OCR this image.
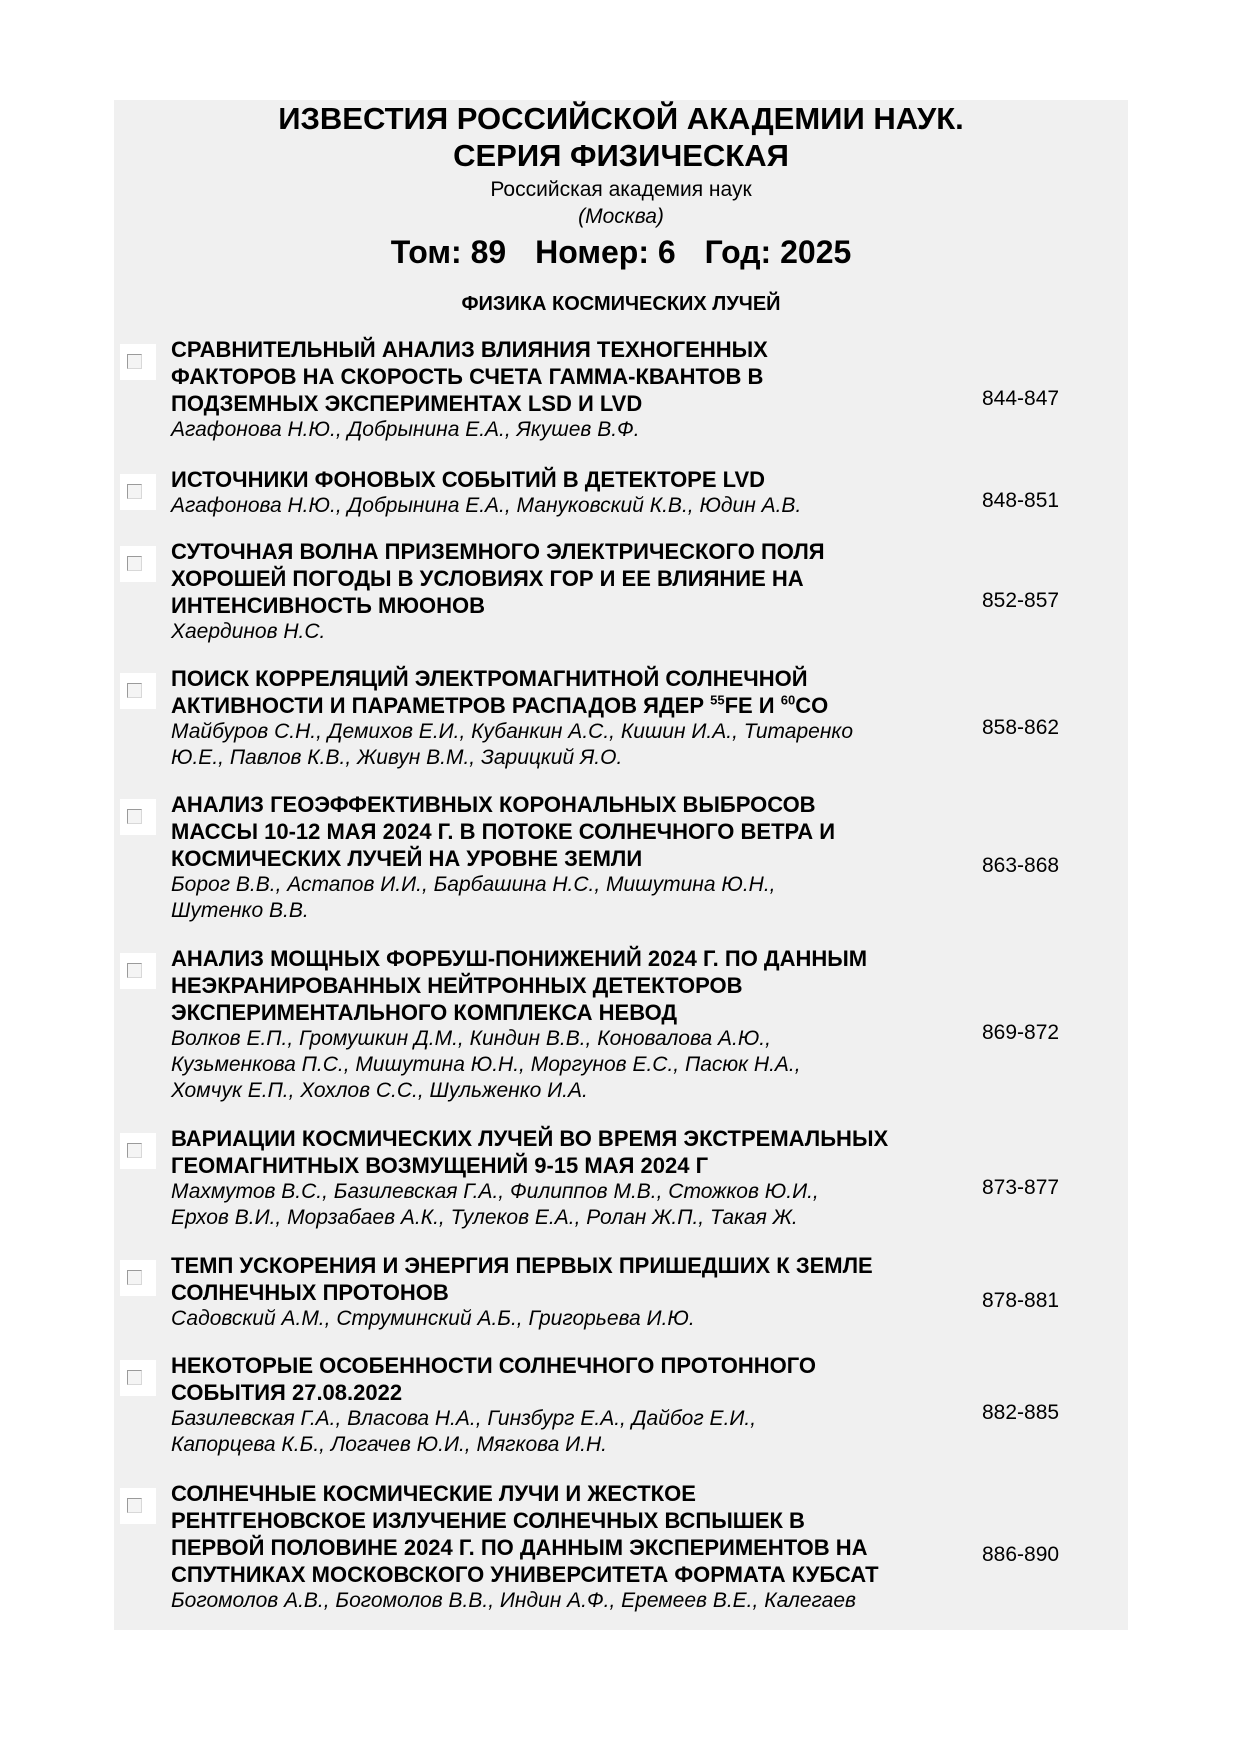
ИЗВЕСТИЯ РОССИЙСКОЙ АКАДЕМИИ НАУК.
СЕРИЯ ФИЗИЧЕСКАЯ
Российская академия наук
(Москва)
Том: 89 Номер: 6 Год: 2025
ФИЗИКА КОСМИЧЕСКИХ ЛУЧЕЙ
СРАВНИТЕЛЬНЫЙ АНАЛИЗ ВЛИЯНИЯ ТЕХНОГЕННЫХ
ФАКТОРОВ НА СКОРОСТЬ СЧЕТА ГАММА-КВАНТОВ В
ПОДЗЕМНЫХ ЭКСПЕРИМЕНТАХ LSD И LVD
Агафонова Н.Ю., Добрынина Е.А., Якушев В.Ф.
844-847
ИСТОЧНИКИ ФОНОВЫХ СОБЫТИЙ В ДЕТЕКТОРЕ LVD
Агафонова Н.Ю., Добрынина Е.А., Мануковский К.В., Юдин А.В.	848-851
СУТОЧНАЯ ВОЛНА ПРИЗЕМНОГО ЭЛЕКТРИЧЕСКОГО ПОЛЯ
ХОРОШЕЙ ПОГОДЫ В УСЛОВИЯХ ГОР И ЕЕ ВЛИЯНИЕ НА
ИНТЕНСИВНОСТЬ МЮОНОВ
Хаердинов Н.С.
852-857
ПОИСК КОРРЕЛЯЦИЙ ЭЛЕКТРОМАГНИТНОЙ СОЛНЕЧНОЙ
АКТИВНОСТИ И ПАРАМЕТРОВ РАСПАДОВ ЯДЕР $^{55}$FE И $^{60}$CO
Майбуров С.Н., Демихов Е.И., Кубанкин А.С., Кишин И.А., Титаренко
Ю.Е., Павлов К.В., Живун В.М., Зарицкий Я.О.
858-862
АНАЛИЗ ГЕОЭФФЕКТИВНЫХ КОРОНАЛЬНЫХ ВЫБРОСОВ
МАССЫ 10-12 МАЯ 2024 Г. В ПОТОКЕ СОЛНЕЧНОГО ВЕТРА И
КОСМИЧЕСКИХ ЛУЧЕЙ НА УРОВНЕ ЗЕМЛИ
Борог В.В., Астапов И.И., Барбашина Н.С., Мишутина Ю.Н.,
Шутенко В.В.
863-868
АНАЛИЗ МОЩНЫХ ФОРБУШ-ПОНИЖЕНИЙ 2024 Г. ПО ДАННЫМ
НЕЭКРАНИРОВАННЫХ НЕЙТРОННЫХ ДЕТЕКТОРОВ
ЭКСПЕРИМЕНТАЛЬНОГО КОМПЛЕКСА НЕВОД
Волков Е.П., Громушкин Д.М., Киндин В.В., Коновалова А.Ю.,
Кузьменкова П.С., Мишутина Ю.Н., Моргунов Е.С., Пасюк Н.А.,
Хомчук Е.П., Хохлов С.С., Шульженко И.А.
869-872
ВАРИАЦИИ КОСМИЧЕСКИХ ЛУЧЕЙ ВО ВРЕМЯ ЭКСТРЕМАЛЬНЫХ
ГЕОМАГНИТНЫХ ВОЗМУЩЕНИЙ 9-15 МАЯ 2024 Г
Махмутов В.С., Базилевская Г.А., Филиппов М.В., Стожков Ю.И.,
Ерхов В.И., Морзабаев А.К., Тулеков Е.А., Ролан Ж.П., Такая Ж.
873-877
ТЕМП УСКОРЕНИЯ И ЭНЕРГИЯ ПЕРВЫХ ПРИШЕДШИХ К ЗЕМЛЕ
СОЛНЕЧНЫХ ПРОТОНОВ
Садовский А.М., Струминский А.Б., Григорьева И.Ю.
878-881
НЕКОТОРЫЕ ОСОБЕННОСТИ СОЛНЕЧНОГО ПРОТОННОГО
СОБЫТИЯ 27.08.2022
Базилевская Г.А., Власова Н.А., Гинзбург Е.А., Дайбог Е.И.,
Капорцева К.Б., Логачев Ю.И., Мягкова И.Н.
882-885
СОЛНЕЧНЫЕ КОСМИЧЕСКИЕ ЛУЧИ И ЖЕСТКОЕ
РЕНТГЕНОВСКОЕ ИЗЛУЧЕНИЕ СОЛНЕЧНЫХ ВСПЫШЕК В
ПЕРВОЙ ПОЛОВИНЕ 2024 Г. ПО ДАННЫМ ЭКСПЕРИМЕНТОВ НА
СПУТНИКАХ МОСКОВСКОГО УНИВЕРСИТЕТА ФОРМАТА КУБСАТ
Богомолов А.В., Богомолов В.В., Индин А.Ф., Еремеев В.Е., Калегаев
886-890
